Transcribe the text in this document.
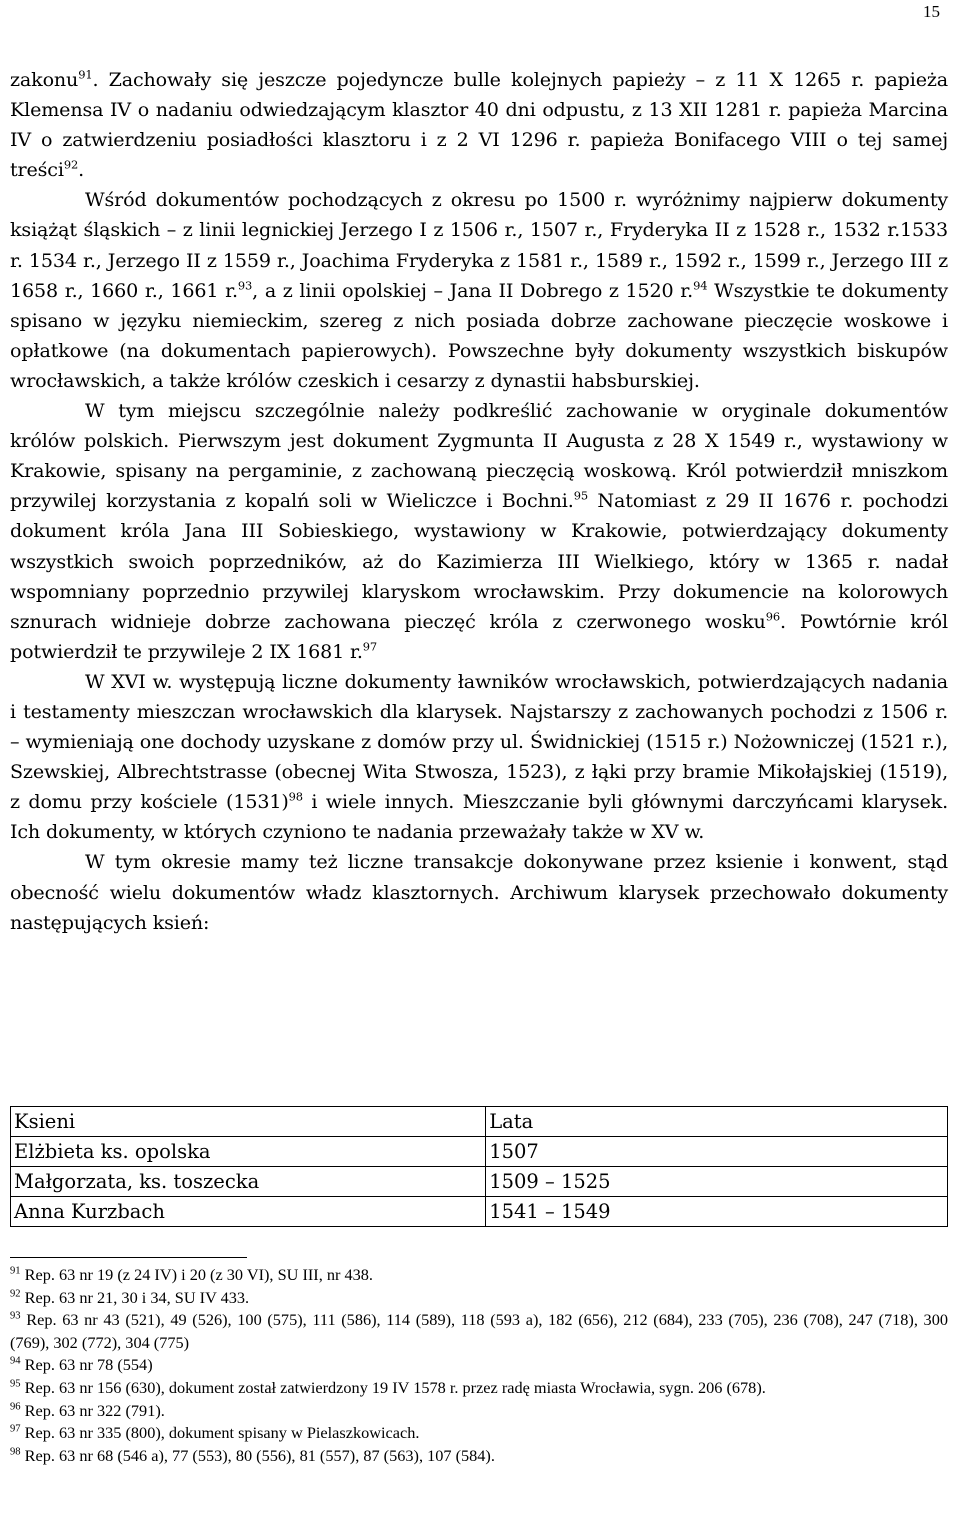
15

zakonu$^{91}$. Zachowały się jeszcze pojedyncze bulle kolejnych papieży – z 11 X 1265 r. papieża Klemensa IV o nadaniu odwiedzającym klasztor 40 dni odpustu, z 13 XII 1281 r. papieża Marcina IV o zatwierdzeniu posiadłości klasztoru i z 2 VI 1296 r. papieża Bonifacego VIII o tej samej treści$^{92}$.

Wśród dokumentów pochodzących z okresu po 1500 r. wyróżnimy najpierw dokumenty książąt śląskich – z linii legnickiej Jerzego I z 1506 r., 1507 r., Fryderyka II z 1528 r., 1532 r.1533 r. 1534 r., Jerzego II z 1559 r., Joachima Fryderyka z 1581 r., 1589 r., 1592 r., 1599 r., Jerzego III z 1658 r., 1660 r., 1661 r.$^{93}$, a z linii opolskiej – Jana II Dobrego z 1520 r.$^{94}$ Wszystkie te dokumenty spisano w języku niemieckim, szereg z nich posiada dobrze zachowane pieczęcie woskowe i opłatkowe (na dokumentach papierowych). Powszechne były dokumenty wszystkich biskupów wrocławskich, a także królów czeskich i cesarzy z dynastii habsburskiej.

W tym miejscu szczególnie należy podkreślić zachowanie w oryginale dokumentów królów polskich. Pierwszym jest dokument Zygmunta II Augusta z 28 X 1549 r., wystawiony w Krakowie, spisany na pergaminie, z zachowaną pieczęcią woskową. Król potwierdził mniszkom przywilej korzystania z kopalń soli w Wieliczce i Bochni.$^{95}$ Natomiast z 29 II 1676 r. pochodzi dokument króla Jana III Sobieskiego, wystawiony w Krakowie, potwierdzający dokumenty wszystkich swoich poprzedników, aż do Kazimierza III Wielkiego, który w 1365 r. nadał wspomniany poprzednio przywilej klaryskom wrocławskim. Przy dokumencie na kolorowych sznurach widnieje dobrze zachowana pieczęć króla z czerwonego wosku$^{96}$. Powtórnie król potwierdził te przywileje 2 IX 1681 r.$^{97}$

W XVI w. występują liczne dokumenty ławników wrocławskich, potwierdzających nadania i testamenty mieszczan wrocławskich dla klarysek. Najstarszy z zachowanych pochodzi z 1506 r. – wymieniają one dochody uzyskane z domów przy ul. Świdnickiej (1515 r.) Nożowniczej (1521 r.), Szewskiej, Albrechtstrasse (obecnej Wita Stwosza, 1523), z łąki przy bramie Mikołajskiej (1519), z domu przy kościele $(1531)^{98}$ i wiele innych. Mieszczanie byli głównymi darczyńcami klarysek. Ich dokumenty, w których czyniono te nadania przeważały także w XV w.

W tym okresie mamy też liczne transakcje dokonywane przez ksienie i konwent, stąd obecność wielu dokumentów władz klasztornych. Archiwum klarysek przechowało dokumenty następujących ksień:

Ksieni	Lata
Elżbieta ks. opolska	1507
Małgorzata, ks. toszecka	1509 – 1525
Anna Kurzbach	1541 – 1549

$^{91}$ Rep. 63 nr 19 (z 24 IV) i 20 (z 30 VI), SU III, nr 438.

$^{92}$ Rep. 63 nr 21, 30 i 34, SU IV 433.

$^{93}$ Rep. 63 nr 43 (521), 49 (526), 100 (575), 111 (586), 114 (589), 118 (593 a), 182 (656), 212 (684), 233 (705), 236 (708), 247 (718), 300 (769), 302 (772), 304 (775)

$^{94}$ Rep. 63 nr 78 (554)

$^{95}$ Rep. 63 nr 156 (630), dokument został zatwierdzony 19 IV 1578 r. przez radę miasta Wrocławia, sygn. 206 (678).

$^{96}$ Rep. 63 nr 322 (791).

$^{97}$ Rep. 63 nr 335 (800), dokument spisany w Pielaszkowicach.

$^{98}$ Rep. 63 nr 68 (546 a), 77 (553), 80 (556), 81 (557), 87 (563), 107 (584).
